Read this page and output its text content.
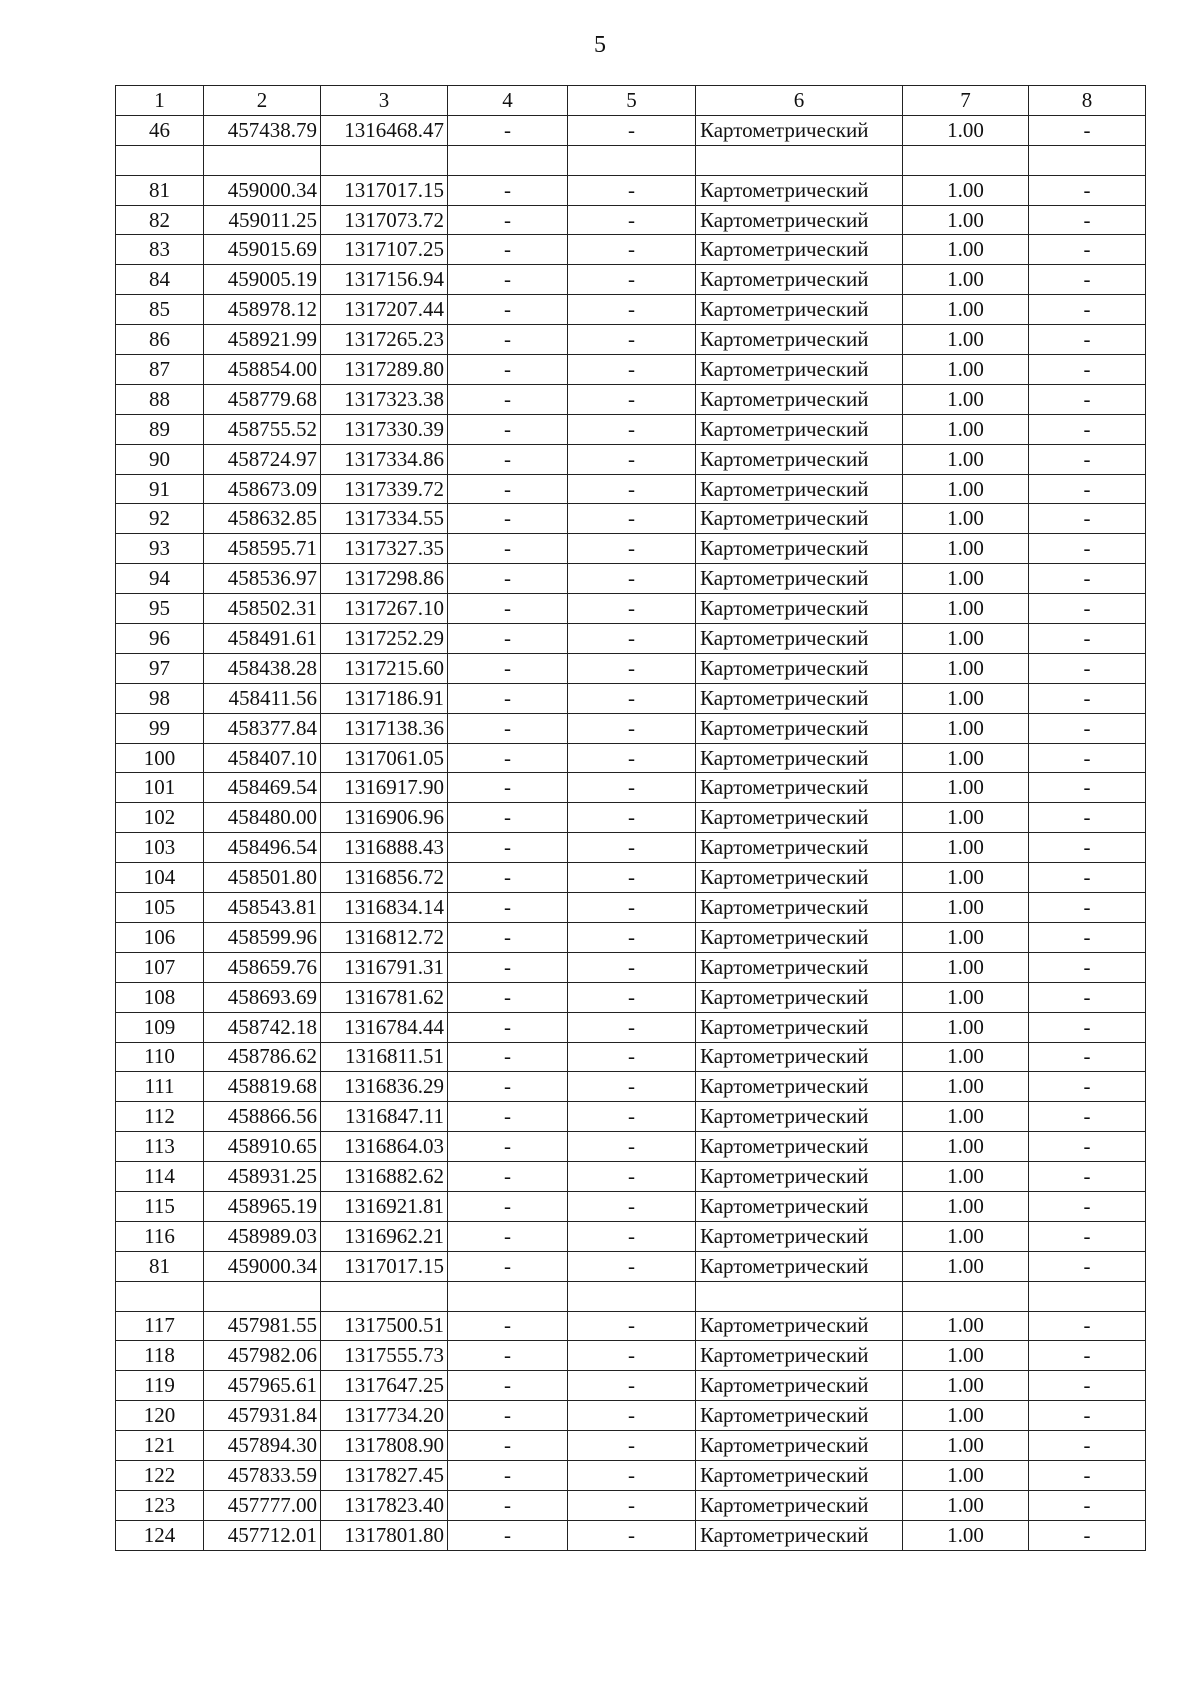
5
1	2	3	4	5	6	7	8
46	457438.79	1316468.47	-	-	Картометрический	1.00	-

81	459000.34	1317017.15	-	-	Картометрический	1.00	-
82	459011.25	1317073.72	-	-	Картометрический	1.00	-
83	459015.69	1317107.25	-	-	Картометрический	1.00	-
84	459005.19	1317156.94	-	-	Картометрический	1.00	-
85	458978.12	1317207.44	-	-	Картометрический	1.00	-
86	458921.99	1317265.23	-	-	Картометрический	1.00	-
87	458854.00	1317289.80	-	-	Картометрический	1.00	-
88	458779.68	1317323.38	-	-	Картометрический	1.00	-
89	458755.52	1317330.39	-	-	Картометрический	1.00	-
90	458724.97	1317334.86	-	-	Картометрический	1.00	-
91	458673.09	1317339.72	-	-	Картометрический	1.00	-
92	458632.85	1317334.55	-	-	Картометрический	1.00	-
93	458595.71	1317327.35	-	-	Картометрический	1.00	-
94	458536.97	1317298.86	-	-	Картометрический	1.00	-
95	458502.31	1317267.10	-	-	Картометрический	1.00	-
96	458491.61	1317252.29	-	-	Картометрический	1.00	-
97	458438.28	1317215.60	-	-	Картометрический	1.00	-
98	458411.56	1317186.91	-	-	Картометрический	1.00	-
99	458377.84	1317138.36	-	-	Картометрический	1.00	-
100	458407.10	1317061.05	-	-	Картометрический	1.00	-
101	458469.54	1316917.90	-	-	Картометрический	1.00	-
102	458480.00	1316906.96	-	-	Картометрический	1.00	-
103	458496.54	1316888.43	-	-	Картометрический	1.00	-
104	458501.80	1316856.72	-	-	Картометрический	1.00	-
105	458543.81	1316834.14	-	-	Картометрический	1.00	-
106	458599.96	1316812.72	-	-	Картометрический	1.00	-
107	458659.76	1316791.31	-	-	Картометрический	1.00	-
108	458693.69	1316781.62	-	-	Картометрический	1.00	-
109	458742.18	1316784.44	-	-	Картометрический	1.00	-
110	458786.62	1316811.51	-	-	Картометрический	1.00	-
111	458819.68	1316836.29	-	-	Картометрический	1.00	-
112	458866.56	1316847.11	-	-	Картометрический	1.00	-
113	458910.65	1316864.03	-	-	Картометрический	1.00	-
114	458931.25	1316882.62	-	-	Картометрический	1.00	-
115	458965.19	1316921.81	-	-	Картометрический	1.00	-
116	458989.03	1316962.21	-	-	Картометрический	1.00	-
81	459000.34	1317017.15	-	-	Картометрический	1.00	-

117	457981.55	1317500.51	-	-	Картометрический	1.00	-
118	457982.06	1317555.73	-	-	Картометрический	1.00	-
119	457965.61	1317647.25	-	-	Картометрический	1.00	-
120	457931.84	1317734.20	-	-	Картометрический	1.00	-
121	457894.30	1317808.90	-	-	Картометрический	1.00	-
122	457833.59	1317827.45	-	-	Картометрический	1.00	-
123	457777.00	1317823.40	-	-	Картометрический	1.00	-
124	457712.01	1317801.80	-	-	Картометрический	1.00	-
